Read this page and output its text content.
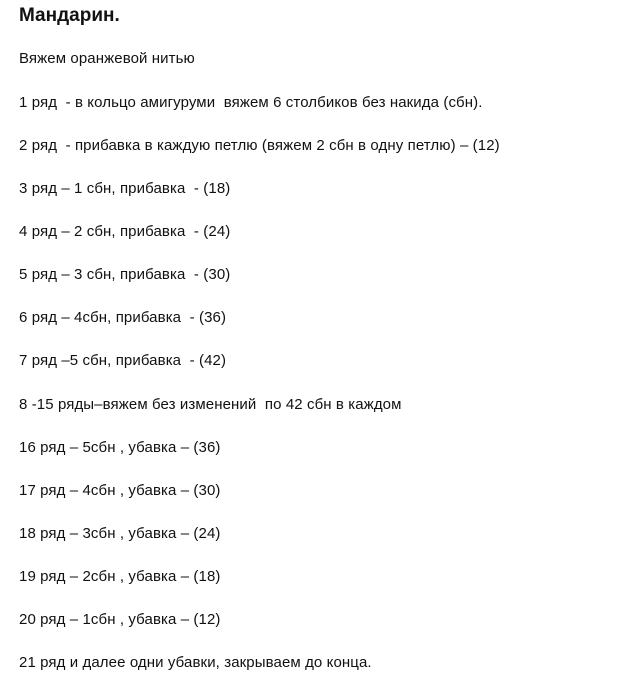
Мандарин.
Вяжем оранжевой нитью
1 ряд  - в кольцо амигуруми  вяжем 6 столбиков без накида (сбн).
2 ряд  - прибавка в каждую петлю (вяжем 2 сбн в одну петлю) – (12)
3 ряд – 1 сбн, прибавка  - (18)
4 ряд – 2 сбн, прибавка  - (24)
5 ряд – 3 сбн, прибавка  - (30)
6 ряд – 4сбн, прибавка  - (36)
7 ряд –5 сбн, прибавка  - (42)
8 -15 ряды–вяжем без изменений  по 42 сбн в каждом
16 ряд – 5сбн , убавка – (36)
17 ряд – 4сбн , убавка – (30)
18 ряд – 3сбн , убавка – (24)
19 ряд – 2сбн , убавка – (18)
20 ряд – 1сбн , убавка – (12)
21 ряд и далее одни убавки, закрываем до конца.
